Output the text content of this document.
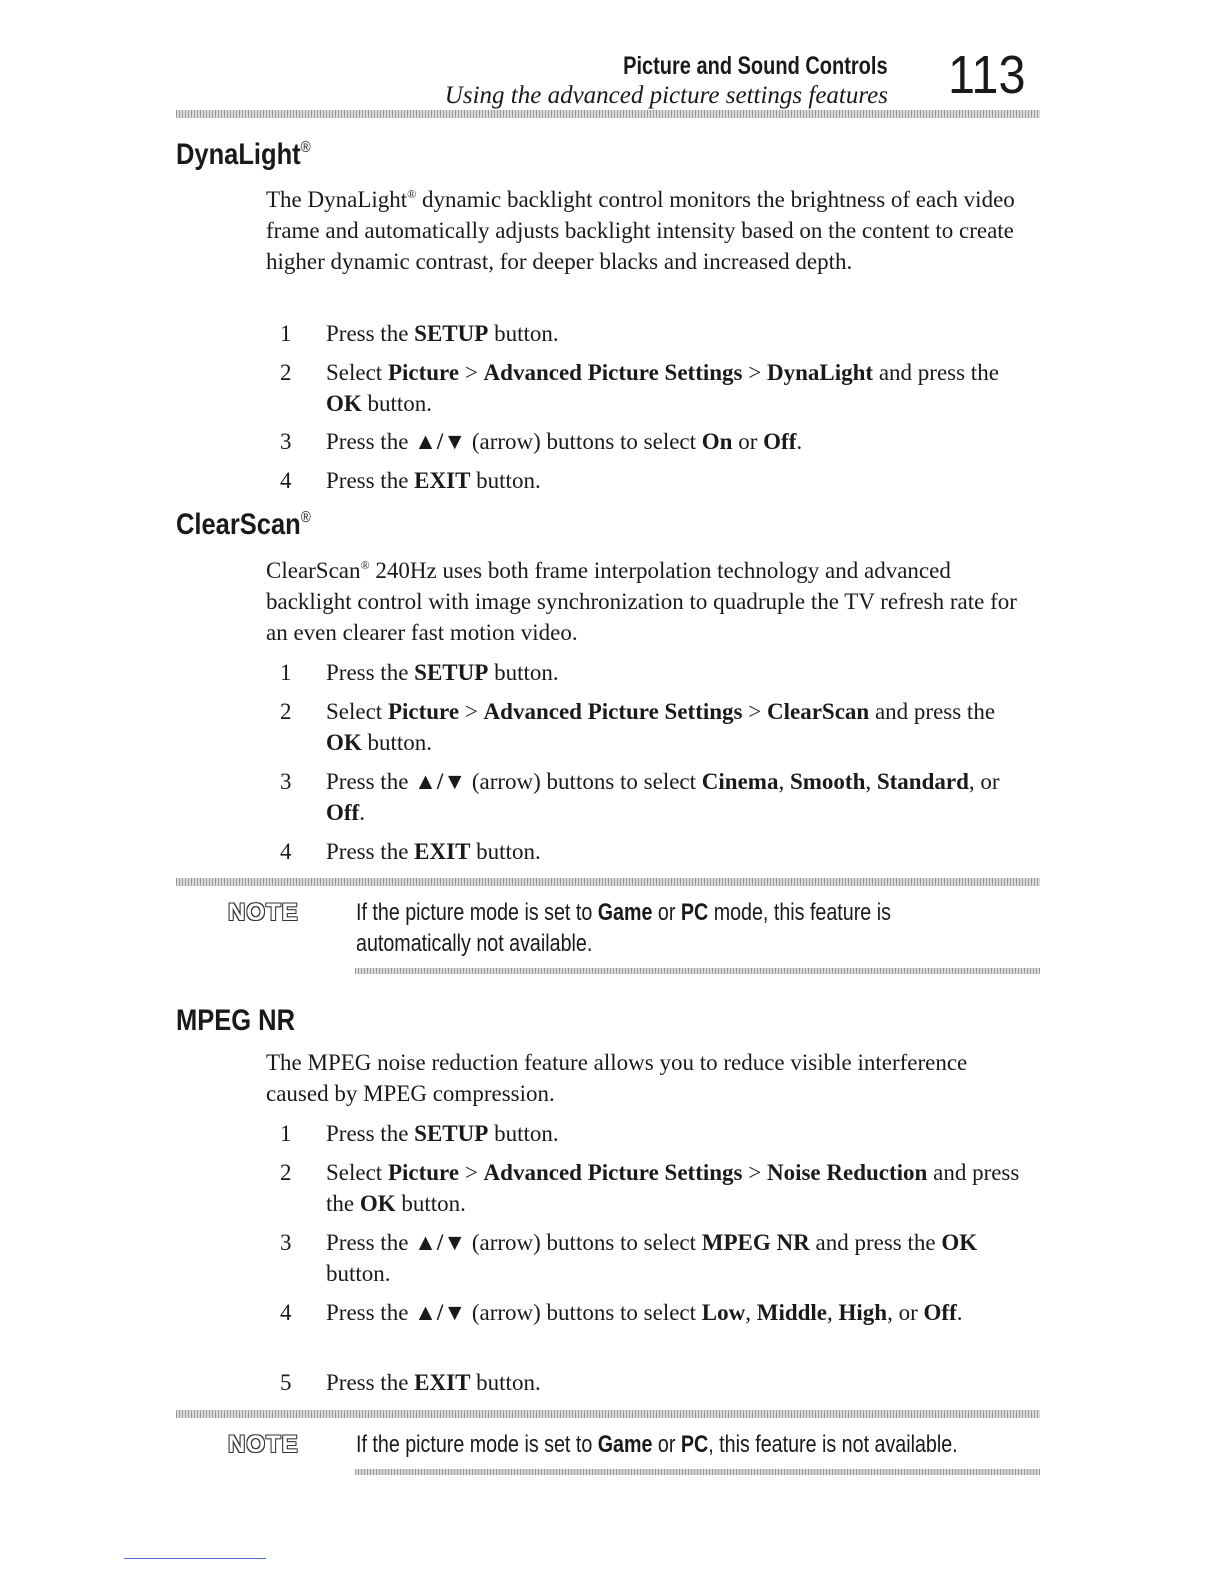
Picture and Sound Controls
Using the advanced picture settings features 113
DynaLight®
The DynaLight® dynamic backlight control monitors the brightness of each video frame and automatically adjusts backlight intensity based on the content to create higher dynamic contrast, for deeper blacks and increased depth.
1 Press the SETUP button.
2 Select Picture > Advanced Picture Settings > DynaLight and press the OK button.
3 Press the ▲/▼ (arrow) buttons to select On or Off.
4 Press the EXIT button.
ClearScan®
ClearScan® 240Hz uses both frame interpolation technology and advanced backlight control with image synchronization to quadruple the TV refresh rate for an even clearer fast motion video.
1 Press the SETUP button.
2 Select Picture > Advanced Picture Settings > ClearScan and press the OK button.
3 Press the ▲/▼ (arrow) buttons to select Cinema, Smooth, Standard, or Off.
4 Press the EXIT button.
NOTE If the picture mode is set to Game or PC mode, this feature is automatically not available.
MPEG NR
The MPEG noise reduction feature allows you to reduce visible interference caused by MPEG compression.
1 Press the SETUP button.
2 Select Picture > Advanced Picture Settings > Noise Reduction and press the OK button.
3 Press the ▲/▼ (arrow) buttons to select MPEG NR and press the OK button.
4 Press the ▲/▼ (arrow) buttons to select Low, Middle, High, or Off.
5 Press the EXIT button.
NOTE If the picture mode is set to Game or PC, this feature is not available.
